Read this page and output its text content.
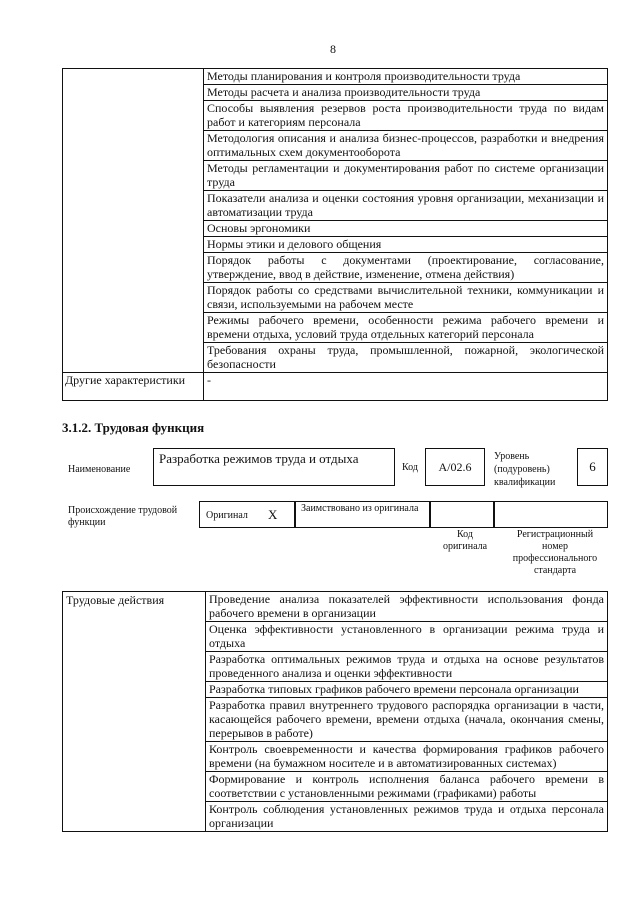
8
	Методы планирования и контроля производительности труда
	Методы расчета и анализа производительности труда
	Способы выявления резервов роста производительности труда по видам работ и категориям персонала
	Методология описания и анализа бизнес-процессов, разработки и внедрения оптимальных схем документооборота
	Методы регламентации и документирования работ по системе организации труда
	Показатели анализа и оценки состояния уровня организации, механизации и автоматизации труда
	Основы эргономики
	Нормы этики и делового общения
	Порядок работы с документами (проектирование, согласование, утверждение, ввод в действие, изменение, отмена действия)
	Порядок работы со средствами вычислительной техники, коммуникации и связи, используемыми на рабочем месте
	Режимы рабочего времени, особенности режима рабочего времени и времени отдыха, условий труда отдельных категорий персонала
	Требования охраны труда, промышленной, пожарной, экологической безопасности
Другие характеристики	-
3.1.2. Трудовая функция
Наименование
Разработка режимов труда и отдыха
Код	А/02.6
Уровень (подуровень) квалификации
6
Происхождение трудовой функции
Оригинал X Заимствовано из оригинала
Код оригинала
Регистрационный номер профессионального стандарта
Трудовые действия	Проведение анализа показателей эффективности использования фонда рабочего времени в организации
Оценка эффективности установленного в организации режима труда и отдыха
Разработка оптимальных режимов труда и отдыха на основе результатов проведенного анализа и оценки эффективности
Разработка типовых графиков рабочего времени персонала организации
Разработка правил внутреннего трудового распорядка организации в части, касающейся рабочего времени, времени отдыха (начала, окончания смены, перерывов в работе)
Контроль своевременности и качества формирования графиков рабочего времени (на бумажном носителе и в автоматизированных системах)
Формирование и контроль исполнения баланса рабочего времени в соответствии с установленными режимами (графиками) работы
Контроль соблюдения установленных режимов труда и отдыха персонала организации
